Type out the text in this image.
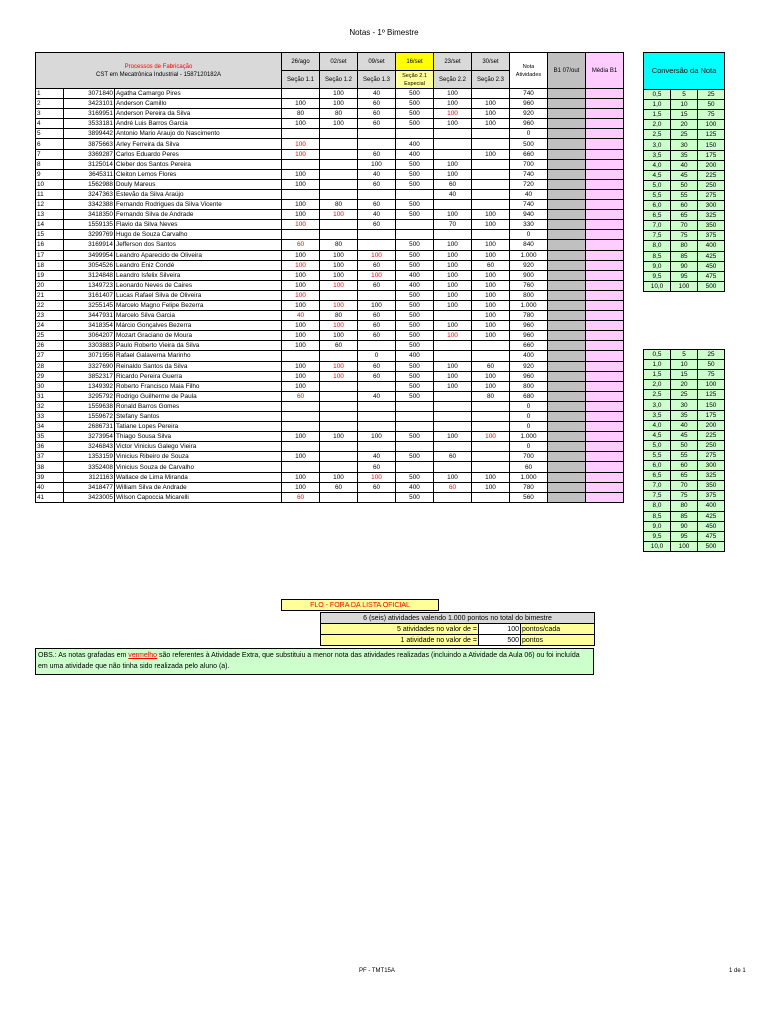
Notas - 1º Bimestre
Processos de Fabricação
CST em Mecatrônica Industrial - 1587120182A			26/ago	02/set	09/set	16/set	23/set	30/set	Nota Atividades	B1 07/out	Média B1
			Seção 1.1	Seção 1.2	Seção 1.3	Seção 2.1 Especial	Seção 2.2	Seção 2.3			
1	3071840	Agatha Camargo Pires		100	40	500	100		740		
2	3423101	Anderson Camillo	100	100	60	500	100	100	960		
3	3169951	Anderson Pereira da Silva	80	80	60	500	100	100	920		
4	3533181	André Luis Barros Garcia	100	100	60	500	100	100	960		
5	3899442	Antonio Mario Araujo do Nascimento							0		
6	3875663	Arley Ferreira da Silva	100			400			500		
7	3369287	Carlos Eduardo Peres	100		60	400		100	660		
8	3125014	Cleber dos Santos Pereira			100	500	100		700		
9	3645311	Cleiton Lemos Flores	100		40	500	100		740		
10	1562988	Douly Mareus	100		60	500	60		720		
11	3247363	Estevão da Silva Araújo					40		40		
12	3342388	Fernando Rodrigues da Silva Vicente	100	80	60	500			740		
13	3418350	Fernando Silva de Andrade	100	100	40	500	100	100	940		
14	1559135	Flavio da Silva Neves	100		60		70	100	330		
15	3299769	Hugo de Souza Carvalho							0		
16	3169914	Jefferson dos Santos	60	80		500	100	100	840		
17	3499954	Leandro Aparecido de Oliveira	100	100	100	500	100	100	1.000		
18	3054526	Leandro Eniz Condé	100	100	60	500	100	60	920		
19	3124848	Leandro Isfelix Silveira	100	100	100	400	100	100	900		
20	1349723	Leonardo Neves de Caires	100	100	60	400	100	100	760		
21	3161407	Lucas Rafael Silva de Oliveira	100			500	100	100	800		
22	3255145	Marcelo Magno Felipe Bezerra	100	100	100	500	100	100	1.000		
23	3447931	Marcelo Silva Garcia	40	80	60	500		100	780		
24	3418354	Márcio Gonçalves Bezerra	100	100	60	500	100	100	960		
25	3064207	Mozart Graciano de Moura	100	100	60	500	100	100	960		
26	3303883	Paulo Roberto Vieira da Silva	100	60		500			660		
27	3071956	Rafael Galaverna Marinho			0	400			400		
28	3327690	Reinaldo Santos da Silva	100	100	60	500	100	60	920		
29	3852317	Ricardo Pereira Guerra	100	100	60	500	100	100	960		
30	1349392	Roberto Francisco Maia Filho	100			500	100	100	800		
31	3295792	Rodrigo Guilherme de Paula	60		40	500		80	680		
32	1559638	Ronald Barros Gomes							0		
33	1559672	Stefany Santos							0		
34	2686731	Tatiane Lopes Pereira							0		
35	3273954	Thiago Sousa Silva	100	100	100	500	100	100	1.000		
36	3246843	Victor Vinicius Galego Vieira							0		
37	1353159	Vinicius Ribeiro de Souza	100		40	500	60		700		
38	3352408	Vinicius Souza de Carvalho			60				60		
39	3121163	Wallace de Lima Miranda	100	100	100	500	100	100	1.000		
40	3418477	William Silva de Andrade	100	60	60	400	60	100	780		
41	3423005	Wilson Capoccia Micarelli	60			500			560		
Conversão da Nota		
0,5	5	25
1,0	10	50
1,5	15	75
2,0	20	100
2,5	25	125
3,0	30	150
3,5	35	175
4,0	40	200
4,5	45	225
5,0	50	250
5,5	55	275
6,0	60	300
6,5	65	325
7,0	70	350
7,5	75	375
8,0	80	400
8,5	85	425
9,0	90	450
9,5	95	475
10,0	100	500
0,5	5	25
1,0	10	50
1,5	15	75
2,0	20	100
2,5	25	125
3,0	30	150
3,5	35	175
4,0	40	200
4,5	45	225
5,0	50	250
5,5	55	275
6,0	60	300
6,5	65	325
7,0	70	350
7,5	75	375
8,0	80	400
8,5	85	425
9,0	90	450
9,5	95	475
10,0	100	500
FLO - FORA DA LISTA OFICIAL
6 (seis) atividades valendo 1.000 pontos no total do bimestre		
5 atividades no valor de =	100	pontos/cada
1 atividade no valor de =	500	pontos
OBS.: As notas grafadas em vermelho são referentes à Atividade Extra, que substituiu a menor nota das atividades realizadas (incluindo a Atividade da Aula 06) ou foi incluída em uma atividade que não tinha sido realizada pelo aluno (a).
PF - TMT15A	1 de 1
